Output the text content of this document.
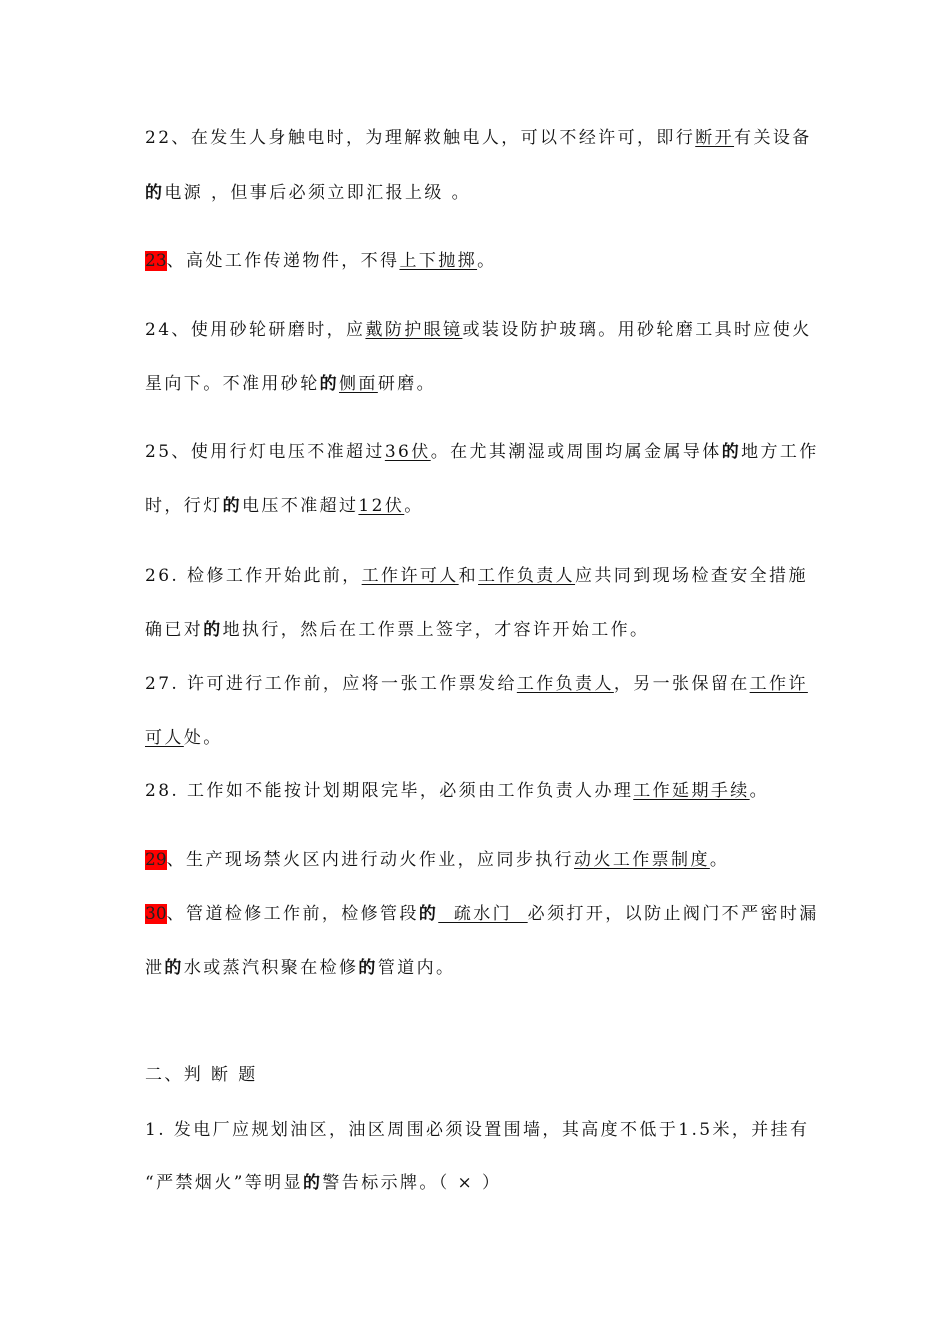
22、在发生人身触电时，为理解救触电人，可以不经许可，即行断开有关设备
的电源 ，但事后必须立即汇报上级 。
23、高处工作传递物件，不得上下抛掷。
24、使用砂轮研磨时，应戴防护眼镜或装设防护玻璃。用砂轮磨工具时应使火
星向下。不准用砂轮的侧面研磨。
25、使用行灯电压不准超过36伏。在尤其潮湿或周围均属金属导体的地方工作
时，行灯的电压不准超过12伏。
26. 检修工作开始此前，工作许可人和工作负责人应共同到现场检查安全措施
确已对的地执行，然后在工作票上签字，才容许开始工作。
27. 许可进行工作前，应将一张工作票发给工作负责人，另一张保留在工作许
可人处。
28. 工作如不能按计划期限完毕，必须由工作负责人办理工作延期手续。
29、生产现场禁火区内进行动火作业，应同步执行动火工作票制度。
30、管道检修工作前，检修管段的  疏水门  必须打开，以防止阀门不严密时漏
泄的水或蒸汽积聚在检修的管道内。
二、判 断 题
1. 发电厂应规划油区，油区周围必须设置围墙，其高度不低于1.5米，并挂有
“严禁烟火”等明显的警告标示牌。（ × ）
